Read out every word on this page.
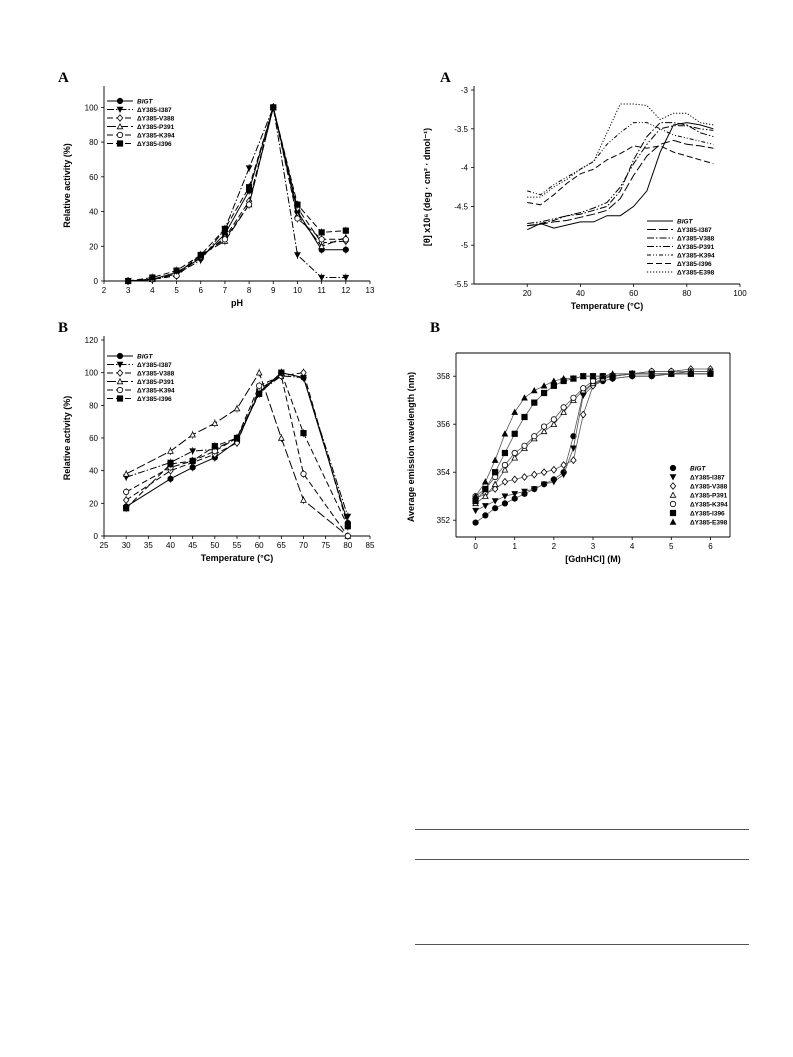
A
2 3 4 5 6 7 8 9 10 11 12 13
0
20
40
60
80
100
pH
Relative activity (%)
BlGT
ΔY385-I387
ΔY385-V388
ΔY385-P391
ΔY385-K394
ΔY385-I396
B
25 30 35 40 45 50 55 60 65 70 75 80 85
0
20
40
60
80
100
120
Temperature (°C)
Relative activity (%)
BlGT
ΔY385-I387
ΔY385-V388
ΔY385-P391
ΔY385-K394
ΔY385-I396
A
20	40	60	80	100
-5.5
-5
-4.5
-4
-3.5
-3
Temperature (°C)
[θ] x10⁶ (deg · cm² · dmol⁻¹)	BlGT
ΔY385-I387
ΔY385-V388
ΔY385-P391
ΔY385-K394
ΔY385-I396
ΔY385-E398
B
0	1	2	3	4	5	6
352
354
356
358
[GdnHCl] (M)
Average emission wavelength (nm)	BlGT
ΔY385-I387
ΔY385-V388
ΔY385-P391
ΔY385-K394
ΔY385-I396
ΔY385-E398
